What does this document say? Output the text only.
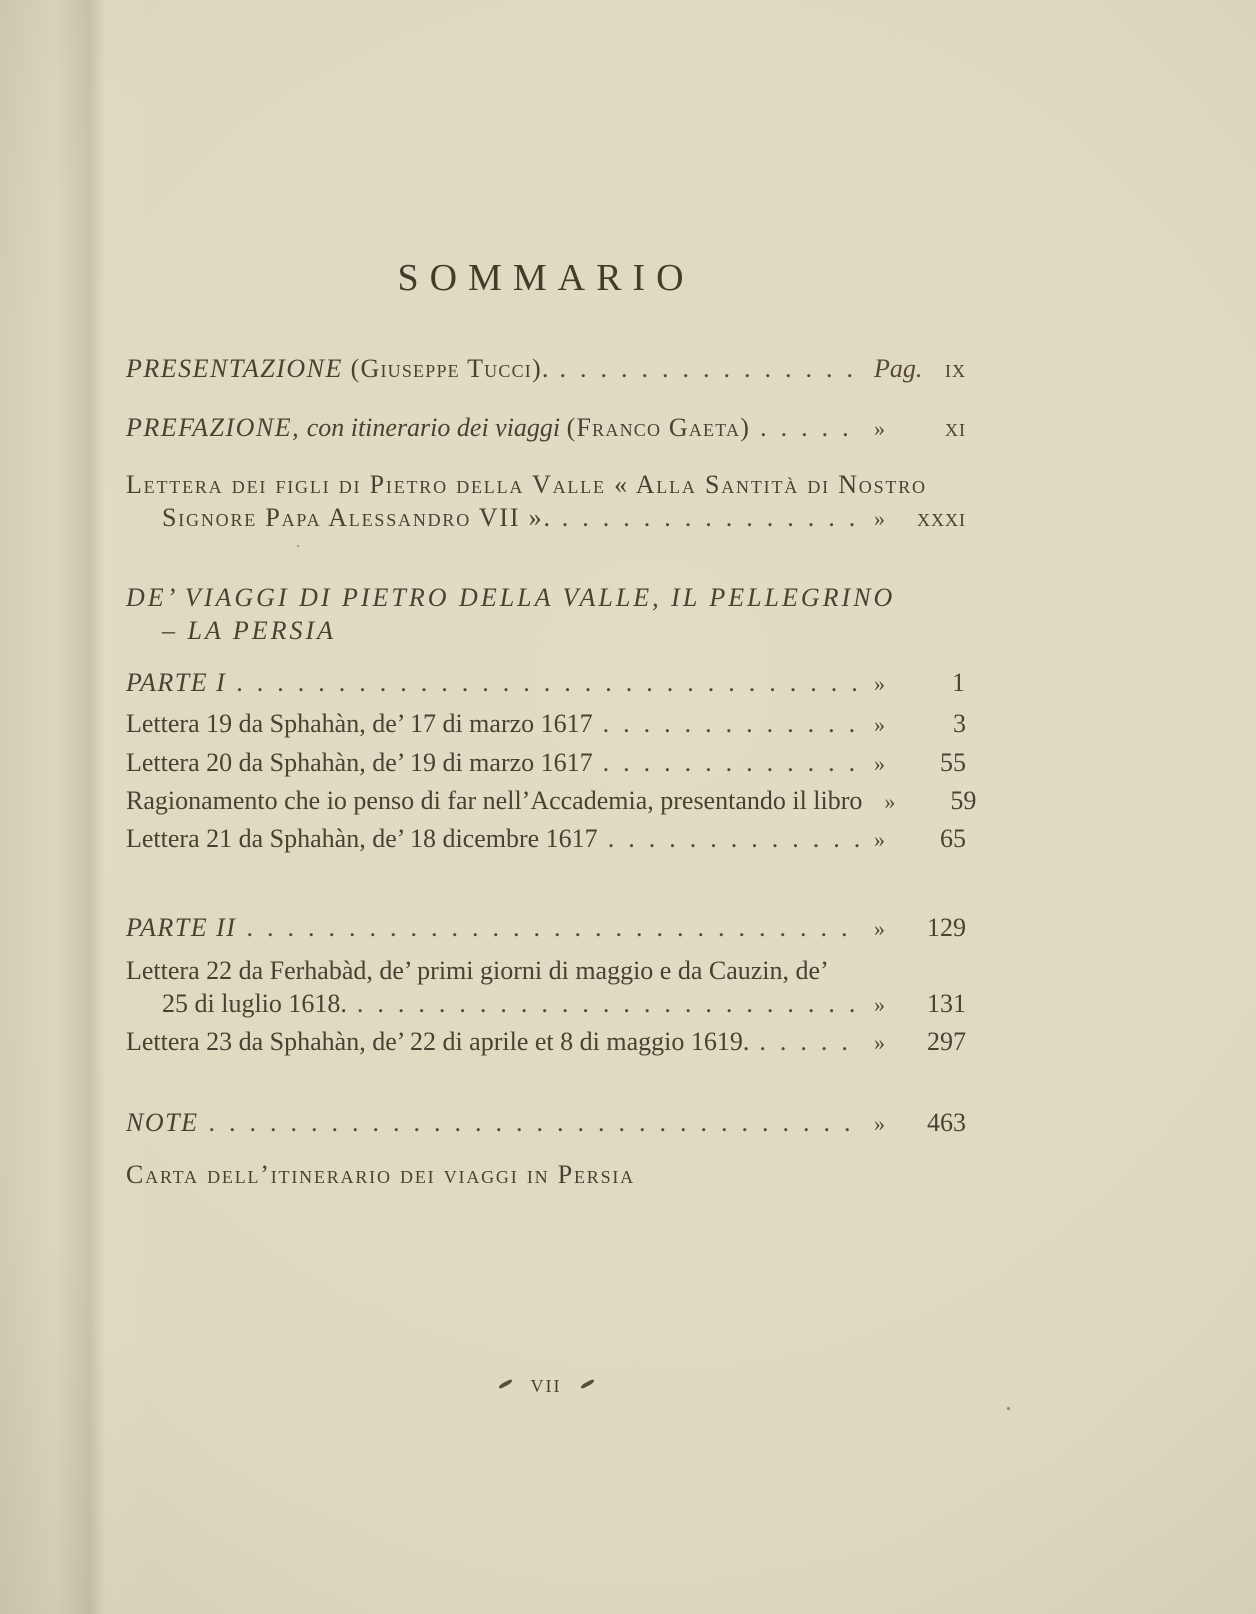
SOMMARIO
PRESENTAZIONE (Giuseppe Tucci). .....	Pag. ix
PREFAZIONE, con itinerario dei viaggi (Franco Gaeta) .....	» xi
Lettera dei figli di Pietro della Valle « Alla Santità di Nostro
Signore Papa Alessandro VII ». .....	» xxxi
DE’ VIAGGI DI PIETRO DELLA VALLE, IL PELLEGRINO
– LA PERSIA
PARTE I .....	»	1
Lettera 19 da Sphahàn, de’ 17 di marzo 1617 .....	»	3
Lettera 20 da Sphahàn, de’ 19 di marzo 1617 .....	» 55
Ragionamento che io penso di far nell’Accademia, presentando il libro » 59
Lettera 21 da Sphahàn, de’ 18 dicembre 1617 .....	» 65
PARTE II .....	» 129
Lettera 22 da Ferhabàd, de’ primi giorni di maggio e da Cauzin, de’
25 di luglio 1618. .....	» 131
Lettera 23 da Sphahàn, de’ 22 di aprile et 8 di maggio 1619. .....	» 297
NOTE .....	» 463
Carta dell’itinerario dei viaggi in Persia
vii
